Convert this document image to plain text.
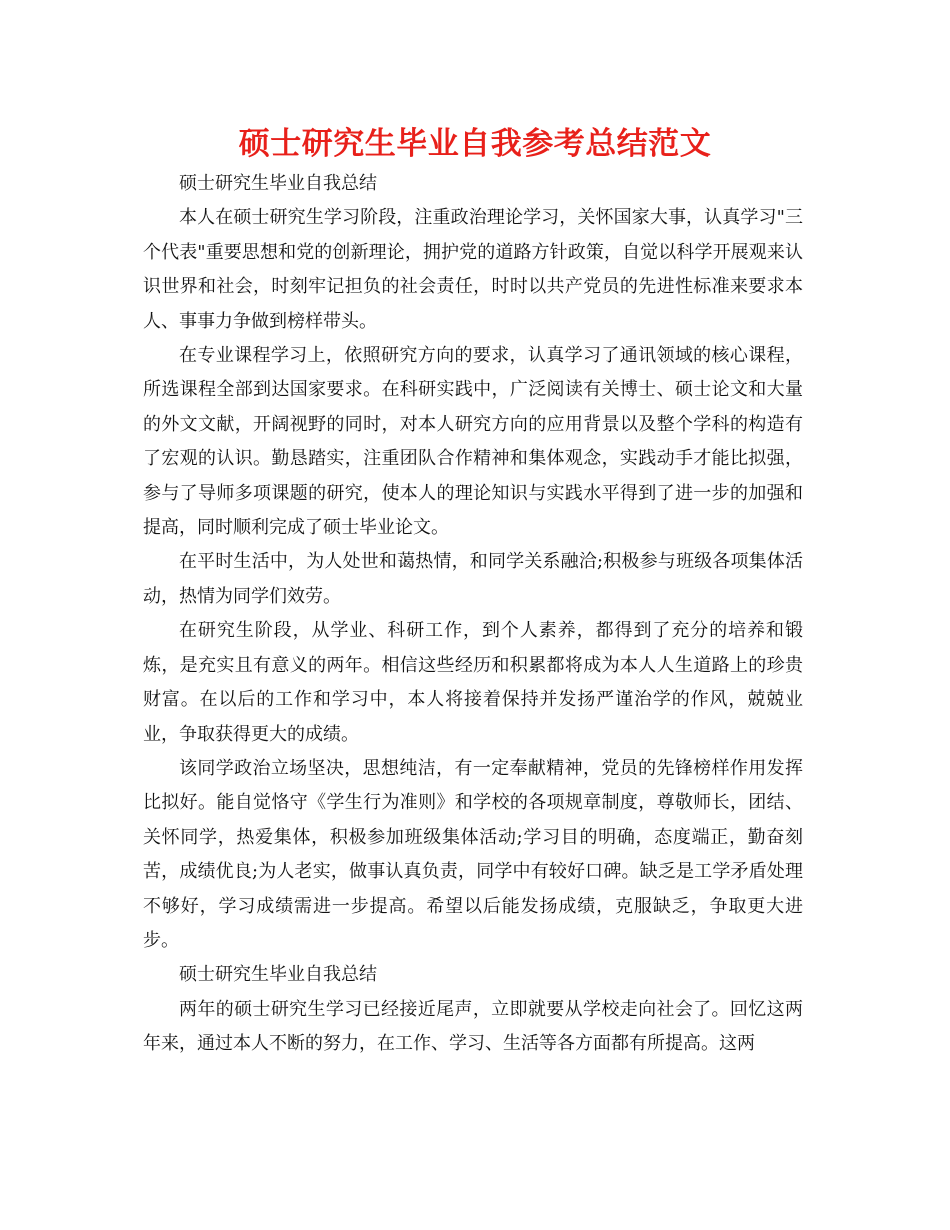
硕士研究生毕业自我参考总结范文

硕士研究生毕业自我总结

本人在硕士研究生学习阶段，注重政治理论学习，关怀国家大事，认真学习"三个代表"重要思想和党的创新理论，拥护党的道路方针政策，自觉以科学开展观来认识世界和社会，时刻牢记担负的社会责任，时时以共产党员的先进性标准来要求本人、事事力争做到榜样带头。

在专业课程学习上，依照研究方向的要求，认真学习了通讯领域的核心课程，所选课程全部到达国家要求。在科研实践中，广泛阅读有关博士、硕士论文和大量的外文文献，开阔视野的同时，对本人研究方向的应用背景以及整个学科的构造有了宏观的认识。勤恳踏实，注重团队合作精神和集体观念，实践动手才能比拟强，参与了导师多项课题的研究，使本人的理论知识与实践水平得到了进一步的加强和提高，同时顺利完成了硕士毕业论文。

在平时生活中，为人处世和蔼热情，和同学关系融洽;积极参与班级各项集体活动，热情为同学们效劳。

在研究生阶段，从学业、科研工作，到个人素养，都得到了充分的培养和锻炼，是充实且有意义的两年。相信这些经历和积累都将成为本人人生道路上的珍贵财富。在以后的工作和学习中，本人将接着保持并发扬严谨治学的作风，兢兢业业，争取获得更大的成绩。

该同学政治立场坚决，思想纯洁，有一定奉献精神，党员的先锋榜样作用发挥比拟好。能自觉恪守《学生行为准则》和学校的各项规章制度，尊敬师长，团结、关怀同学，热爱集体，积极参加班级集体活动;学习目的明确，态度端正，勤奋刻苦，成绩优良;为人老实，做事认真负责，同学中有较好口碑。缺乏是工学矛盾处理不够好，学习成绩需进一步提高。希望以后能发扬成绩，克服缺乏，争取更大进步。

硕士研究生毕业自我总结

两年的硕士研究生学习已经接近尾声，立即就要从学校走向社会了。回忆这两年来，通过本人不断的努力，在工作、学习、生活等各方面都有所提高。这两
